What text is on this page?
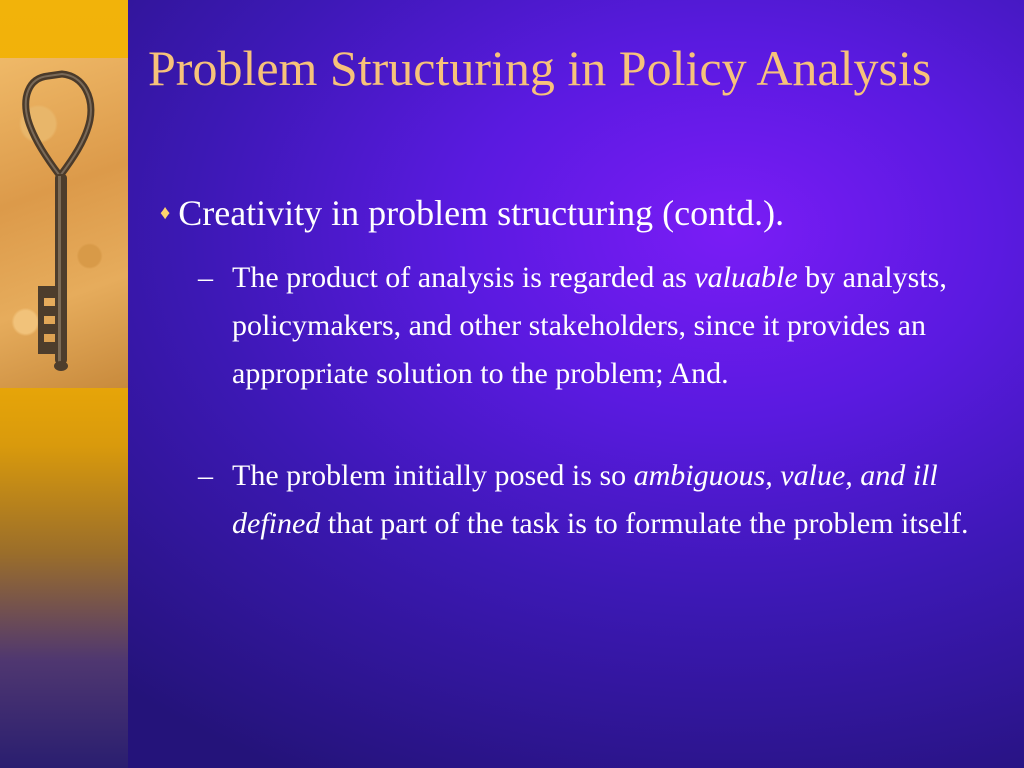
Problem Structuring in Policy Analysis
♦ Creativity in problem structuring (contd.).
– The product of analysis is regarded as valuable by analysts, policymakers, and other stakeholders, since it provides an appropriate solution to the problem; And.
– The problem initially posed is so ambiguous, value, and ill defined that part of the task is to formulate the problem itself.
